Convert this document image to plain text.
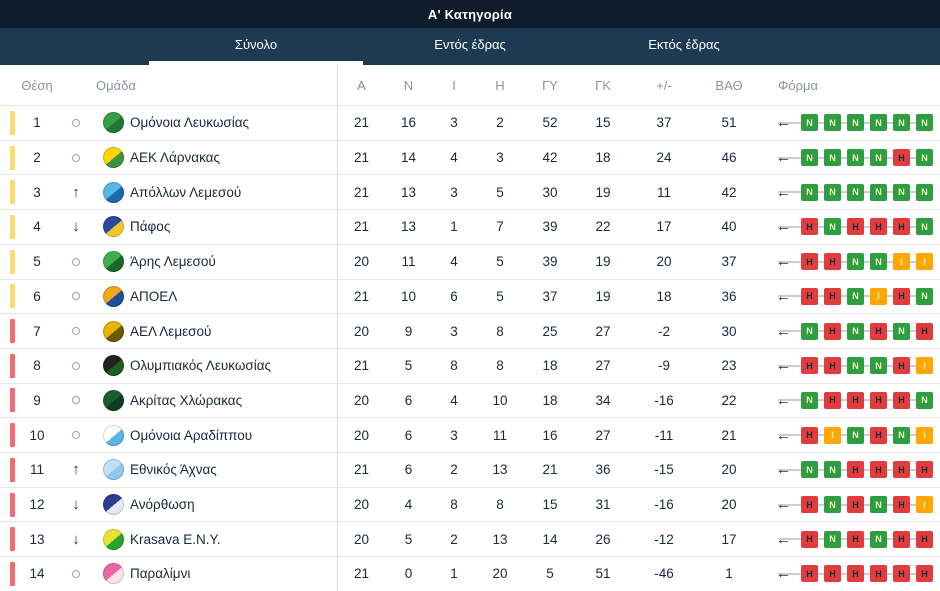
Α' Κατηγορία
Σύνολο	Εντός έδρας	Εκτός έδρας
Θέση	Ομάδα	Α	Ν	Ι	Η	ΓΥ	ΓΚ	+/-	ΒΑΘ	Φόρμα
1	Ομόνοια Λευκωσίας	21	16	3	2	52	15	37	51	←	Ν	Ν	Ν	Ν	Ν	Ν
2	ΑΕΚ Λάρνακας	21	14	4	3	42	18	24	46	←	Ν	Ν	Ν	Ν	Η	Ν
3	↑	Απόλλων Λεμεσού	21	13	3	5	30	19	11	42	←	Ν	Ν	Ν	Ν	Ν	Ν
4	↓	Πάφος	21	13	1	7	39	22	17	40	←	Η	Ν	Η	Η	Η	Ν
5	Άρης Λεμεσού	20	11	4	5	39	19	20	37	←	Η	Η	Ν	Ν	Ι	Ι
6	ΑΠΟΕΛ	21	10	6	5	37	19	18	36	←	Η	Η	Ν	Ι	Η	Ν
7	ΑΕΛ Λεμεσού	20	9	3	8	25	27	-2	30	←	Ν	Η	Ν	Η	Ν	Η
8	Ολυμπιακός Λευκωσίας	21	5	8	8	18	27	-9	23	←	Η	Η	Ν	Ν	Η	Ι
9	Ακρίτας Χλώρακας	20	6	4	10	18	34	-16	22	←	Ν	Η	Η	Η	Η	Ν
10	Ομόνοια Αραδίππου	20	6	3	11	16	27	-11	21	←	Η	Ι	Ν	Η	Ν	Ι
11	↑	Εθνικός Άχνας	21	6	2	13	21	36	-15	20	←	Ν	Ν	Η	Η	Η	Η
12	↓	Ανόρθωση	20	4	8	8	15	31	-16	20	←	Η	Ν	Η	Ν	Η	Ι
13	↓	Krasava E.N.Y.	20	5	2	13	14	26	-12	17	←	Η	Ν	Η	Ν	Η	Η
14	Παραλίμνι	21	0	1	20	5	51	-46	1	←	Η	Η	Η	Η	Η	Η
